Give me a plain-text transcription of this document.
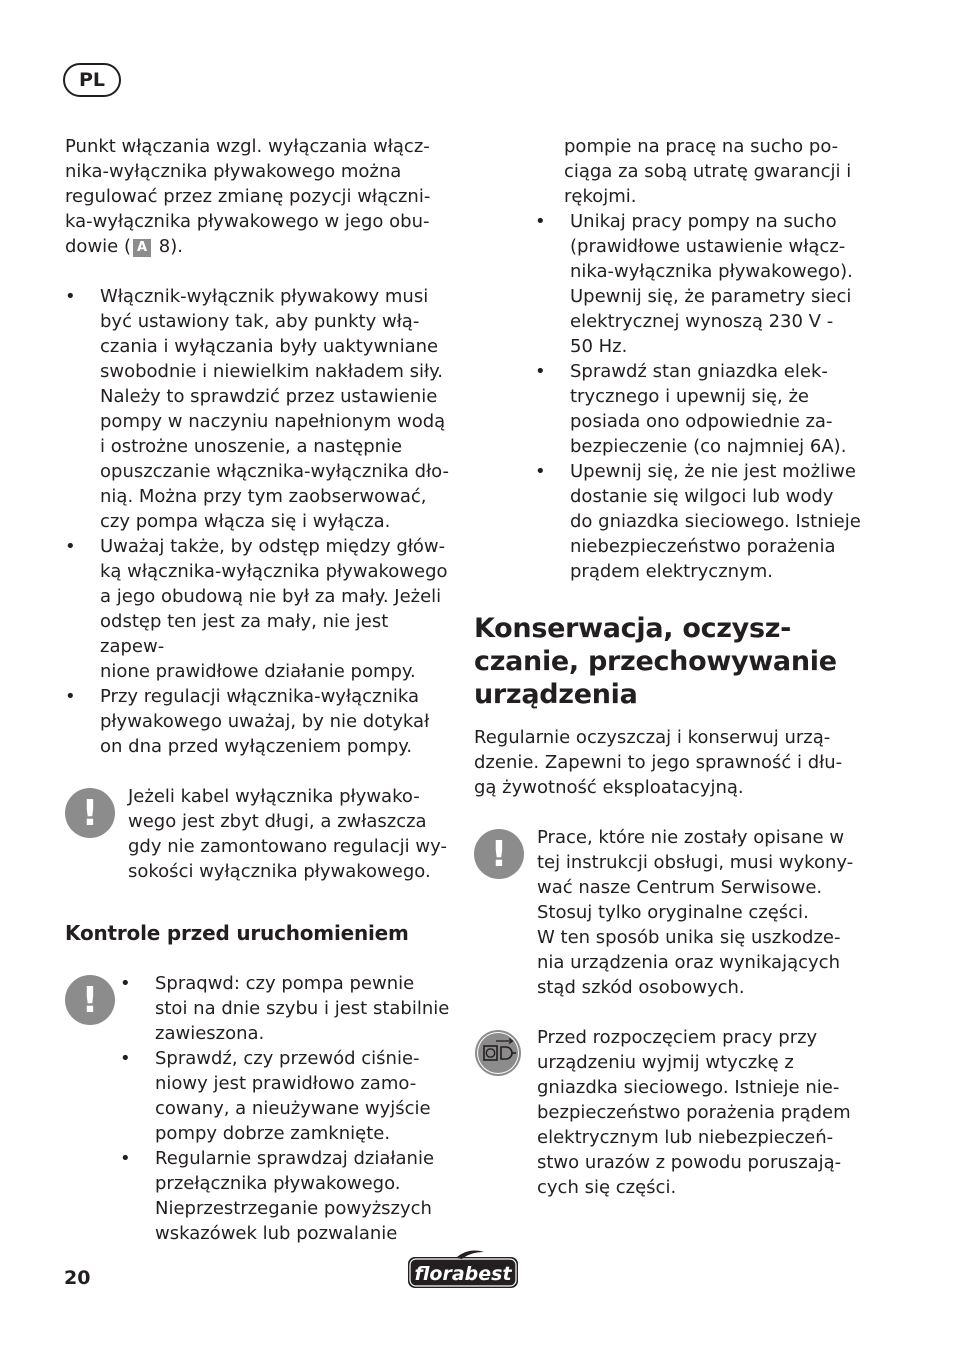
PL

Punkt włączania wzgl. wyłączania włącz-
nika-wyłącznika pływakowego można
regulować przez zmianę pozycji włączni-
ka-wyłącznika pływakowego w jego obu-
dowie ( A 8).

• Włącznik-wyłącznik pływakowy musi
być ustawiony tak, aby punkty włą-
czania i wyłączania były uaktywniane
swobodnie i niewielkim nakładem siły.
Należy to sprawdzić przez ustawienie
pompy w naczyniu napełnionym wodą
i ostrożne unoszenie, a następnie
opuszczanie włącznika-wyłącznika dło-
nią. Można przy tym zaobserwować,
czy pompa włącza się i wyłącza.
• Uważaj także, by odstęp między głów-
ką włącznika-wyłącznika pływakowego
a jego obudową nie był za mały. Jeżeli
odstęp ten jest za mały, nie jest zapew-
nione prawidłowe działanie pompy.
• Przy regulacji włącznika-wyłącznika
pływakowego uważaj, by nie dotykał
on dna przed wyłączeniem pompy.
!	Jeżeli kabel wyłącznika pływako-
wego jest zbyt długi, a zwłaszcza
gdy nie zamontowano regulacji wy-
sokości wyłącznika pływakowego.
Kontrole przed uruchomieniem
!
•	Spraqwd: czy pompa pewnie
stoi na dnie szybu i jest stabilnie
zawieszona.
• Sprawdź, czy przewód ciśnie-
niowy jest prawidłowo zamo-
cowany, a nieużywane wyjście
pompy dobrze zamknięte.
• Regularnie sprawdzaj działanie
przełącznika pływakowego.
Nieprzestrzeganie powyższych
wskazówek lub pozwalanie

pompie na pracę na sucho po-
ciąga za sobą utratę gwarancji i
rękojmi.

• Unikaj pracy pompy na sucho
(prawidłowe ustawienie włącz-
nika-wyłącznika pływakowego).
Upewnij się, że parametry sieci
elektrycznej wynoszą 230 V -
50 Hz.
• Sprawdź stan gniazdka elek-
trycznego i upewnij się, że
posiada ono odpowiednie za-
bezpieczenie (co najmniej 6A).
• Upewnij się, że nie jest możliwe
dostanie się wilgoci lub wody
do gniazdka sieciowego. Istnieje
niebezpieczeństwo porażenia
prądem elektrycznym.
Konserwacja, oczysz-
czanie, przechowywanie
urządzenia

Regularnie oczyszczaj i konserwuj urzą-
dzenie. Zapewni to jego sprawność i dłu-
gą żywotność eksploatacyjną.

!	Prace, które nie zostały opisane w
tej instrukcji obsługi, musi wykony-
wać nasze Centrum Serwisowe.
Stosuj tylko oryginalne części.
W ten sposób unika się uszkodze-
nia urządzenia oraz wynikających
stąd szkód osobowych.
Przed rozpoczęciem pracy przy
urządzeniu wyjmij wtyczkę z
gniazdka sieciowego. Istnieje nie-
bezpieczeństwo porażenia prądem
elektrycznym lub niebezpieczeń-
stwo urazów z powodu poruszają-
cych się części.
20	florabest
